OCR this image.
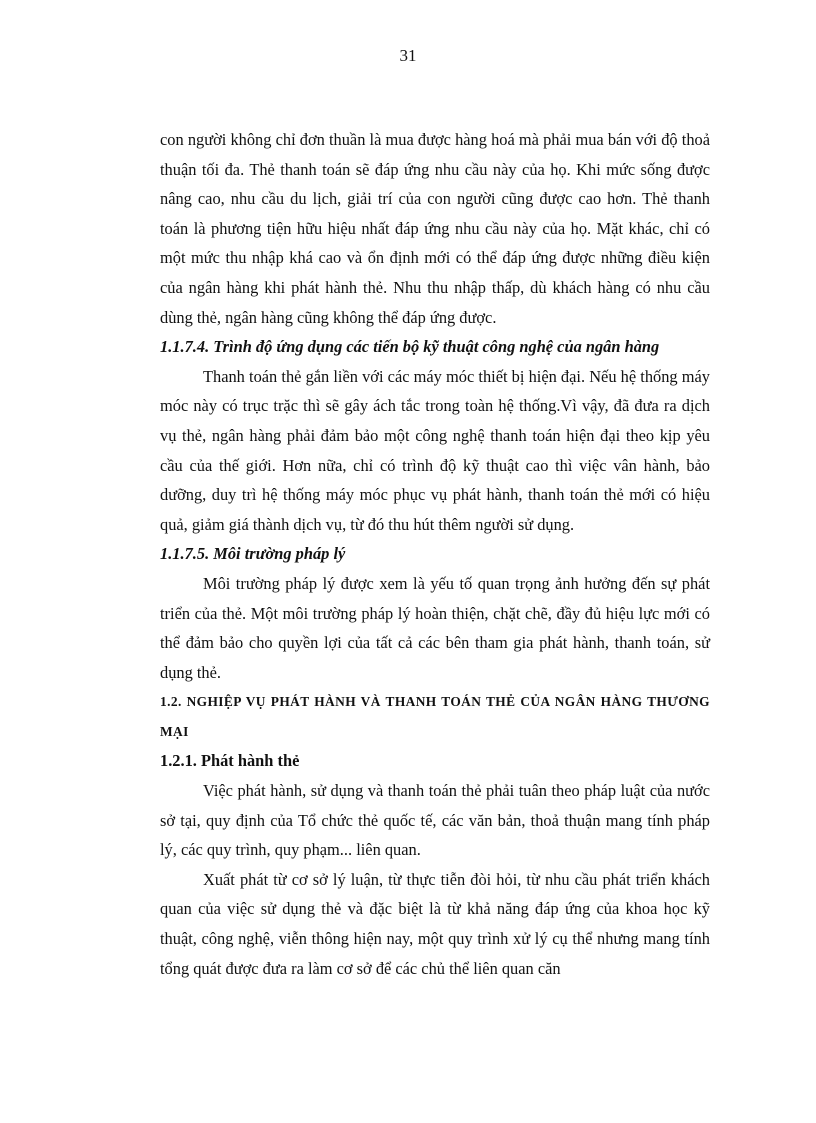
31

con người không chỉ đơn thuần là mua được hàng hoá mà phải mua bán với độ thoả thuận tối đa. Thẻ thanh toán sẽ đáp ứng nhu cầu này của họ. Khi mức sống được nâng cao, nhu cầu du lịch, giải trí của con người cũng được cao hơn. Thẻ thanh toán là phương tiện hữu hiệu nhất đáp ứng nhu cầu này của họ. Mặt khác, chỉ có một mức thu nhập khá cao và ổn định mới có thể đáp ứng được những điều kiện của ngân hàng khi phát hành thẻ. Nhu thu nhập thấp, dù khách hàng có nhu cầu dùng thẻ, ngân hàng cũng không thể đáp ứng được.

1.1.7.4. Trình độ ứng dụng các tiến bộ kỹ thuật công nghệ của ngân hàng

Thanh toán thẻ gắn liền với các máy móc thiết bị hiện đại. Nếu hệ thống máy móc này có trục trặc thì sẽ gây ách tắc trong toàn hệ thống.Vì vậy, đã đưa ra dịch vụ thẻ, ngân hàng phải đảm bảo một công nghệ thanh toán hiện đại theo kịp yêu cầu của thế giới. Hơn nữa, chỉ có trình độ kỹ thuật cao thì việc vân hành, bảo dưỡng, duy trì hệ thống máy móc phục vụ phát hành, thanh toán thẻ mới có hiệu quả, giảm giá thành dịch vụ, từ đó thu hút thêm người sử dụng.

1.1.7.5. Môi trường pháp lý

Môi trường pháp lý được xem là yếu tố quan trọng ảnh hưởng đến sự phát triển của thẻ. Một môi trường pháp lý hoàn thiện, chặt chẽ, đầy đủ hiệu lực mới có thể đảm bảo cho quyền lợi của tất cả các bên tham gia phát hành, thanh toán, sử dụng thẻ.

1.2. NGHIỆP VỤ PHÁT HÀNH VÀ THANH TOÁN THẺ CỦA NGÂN HÀNG THƯƠNG MẠI
1.2.1. Phát hành thẻ

Việc phát hành, sử dụng và thanh toán thẻ phải tuân theo pháp luật của nước sở tại, quy định của Tổ chức thẻ quốc tế, các văn bản, thoả thuận mang tính pháp lý, các quy trình, quy phạm... liên quan.

Xuất phát từ cơ sở lý luận, từ thực tiễn đòi hỏi, từ nhu cầu phát triển khách quan của việc sử dụng thẻ và đặc biệt là từ khả năng đáp ứng của khoa học kỹ thuật, công nghệ, viễn thông hiện nay, một quy trình xử lý cụ thể nhưng mang tính tổng quát được đưa ra làm cơ sở để các chủ thể liên quan căn
